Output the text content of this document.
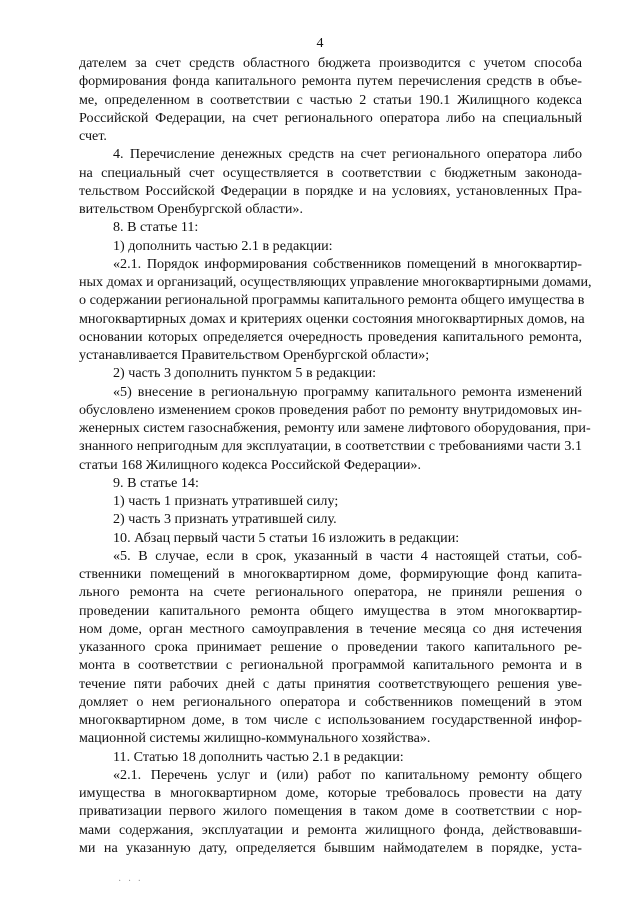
4
дателем за счет средств областного бюджета производится с учетом способа
формирования фонда капитального ремонта путем перечисления средств в объе-
ме, определенном в соответствии с частью 2 статьи 190.1 Жилищного кодекса
Российской Федерации, на счет регионального оператора либо на специальный
счет.
4. Перечисление денежных средств на счет регионального оператора либо
на специальный счет осуществляется в соответствии с бюджетным законода-
тельством Российской Федерации в порядке и на условиях, установленных Пра-
вительством Оренбургской области».
8. В статье 11:
1) дополнить частью 2.1 в редакции:
«2.1. Порядок информирования собственников помещений в многоквартир-
ных домах и организаций, осуществляющих управление многоквартирными домами,
о содержании региональной программы капитального ремонта общего имущества в
многоквартирных домах и критериях оценки состояния многоквартирных домов, на
основании которых определяется очередность проведения капитального ремонта,
устанавливается Правительством Оренбургской области»;
2) часть 3 дополнить пунктом 5 в редакции:
«5) внесение в региональную программу капитального ремонта изменений
обусловлено изменением сроков проведения работ по ремонту внутридомовых ин-
женерных систем газоснабжения, ремонту или замене лифтового оборудования, при-
знанного непригодным для эксплуатации, в соответствии с требованиями части 3.1
статьи 168 Жилищного кодекса Российской Федерации».
9. В статье 14:
1) часть 1 признать утратившей силу;
2) часть 3 признать утратившей силу.
10. Абзац первый части 5 статьи 16 изложить в редакции:
«5. В случае, если в срок, указанный в части 4 настоящей статьи, соб-
ственники помещений в многоквартирном доме, формирующие фонд капита-
льного ремонта на счете регионального оператора, не приняли решения о
проведении капитального ремонта общего имущества в этом многоквартир-
ном доме, орган местного самоуправления в течение месяца со дня истечения
указанного срока принимает решение о проведении такого капитального ре-
монта в соответствии с региональной программой капитального ремонта и в
течение пяти рабочих дней с даты принятия соответствующего решения уве-
домляет о нем регионального оператора и собственников помещений в этом
многоквартирном доме, в том числе с использованием государственной инфор-
мационной системы жилищно-коммунального хозяйства».
11. Статью 18 дополнить частью 2.1 в редакции:
«2.1. Перечень услуг и (или) работ по капитальному ремонту общего
имущества в многоквартирном доме, которые требовалось провести на дату
приватизации первого жилого помещения в таком доме в соответствии с нор-
мами содержания, эксплуатации и ремонта жилищного фонда, действовавши-
ми на указанную дату, определяется бывшим наймодателем в порядке, уста-
· · ·
